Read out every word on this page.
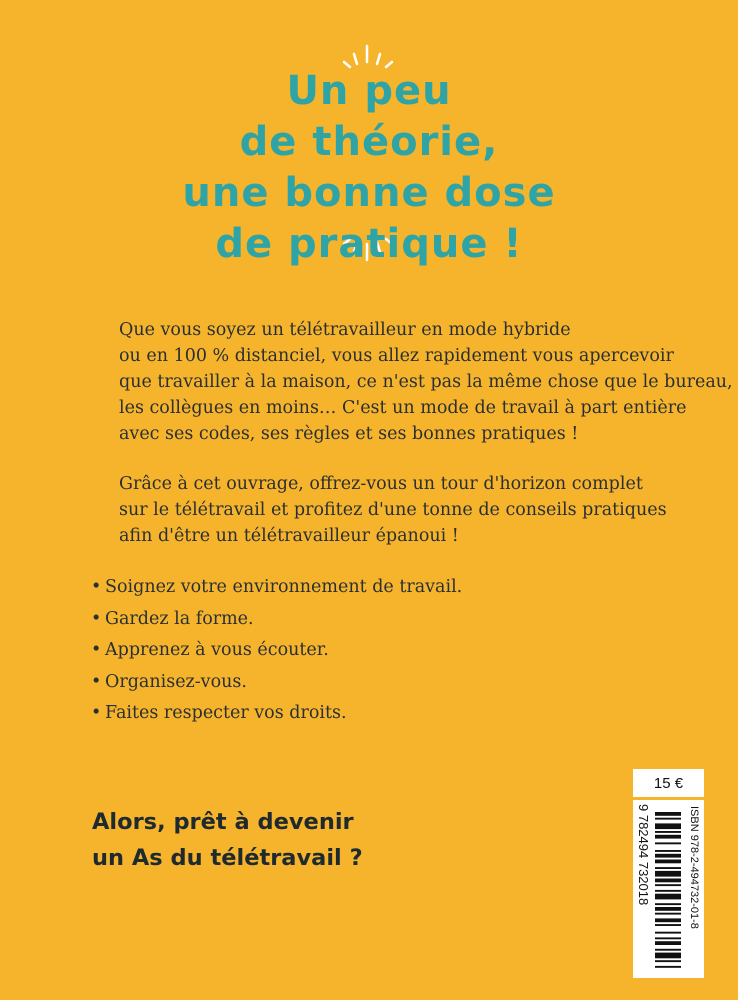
Un peu
de théorie,
une bonne dose
de pratique !
Que vous soyez un télétravailleur en mode hybride
ou en 100 % distanciel, vous allez rapidement vous apercevoir
que travailler à la maison, ce n'est pas la même chose que le bureau,
les collègues en moins… C'est un mode de travail à part entière
avec ses codes, ses règles et ses bonnes pratiques !
Grâce à cet ouvrage, offrez-vous un tour d'horizon complet
sur le télétravail et profitez d'une tonne de conseils pratiques
afin d'être un télétravailleur épanoui !
• Soignez votre environnement de travail.
• Gardez la forme.
• Apprenez à vous écouter.
• Organisez-vous.
• Faites respecter vos droits.
Alors, prêt à devenir
un As du télétravail ?
15 €
ISBN 978-2-494732-01-8
9 782494 732018
